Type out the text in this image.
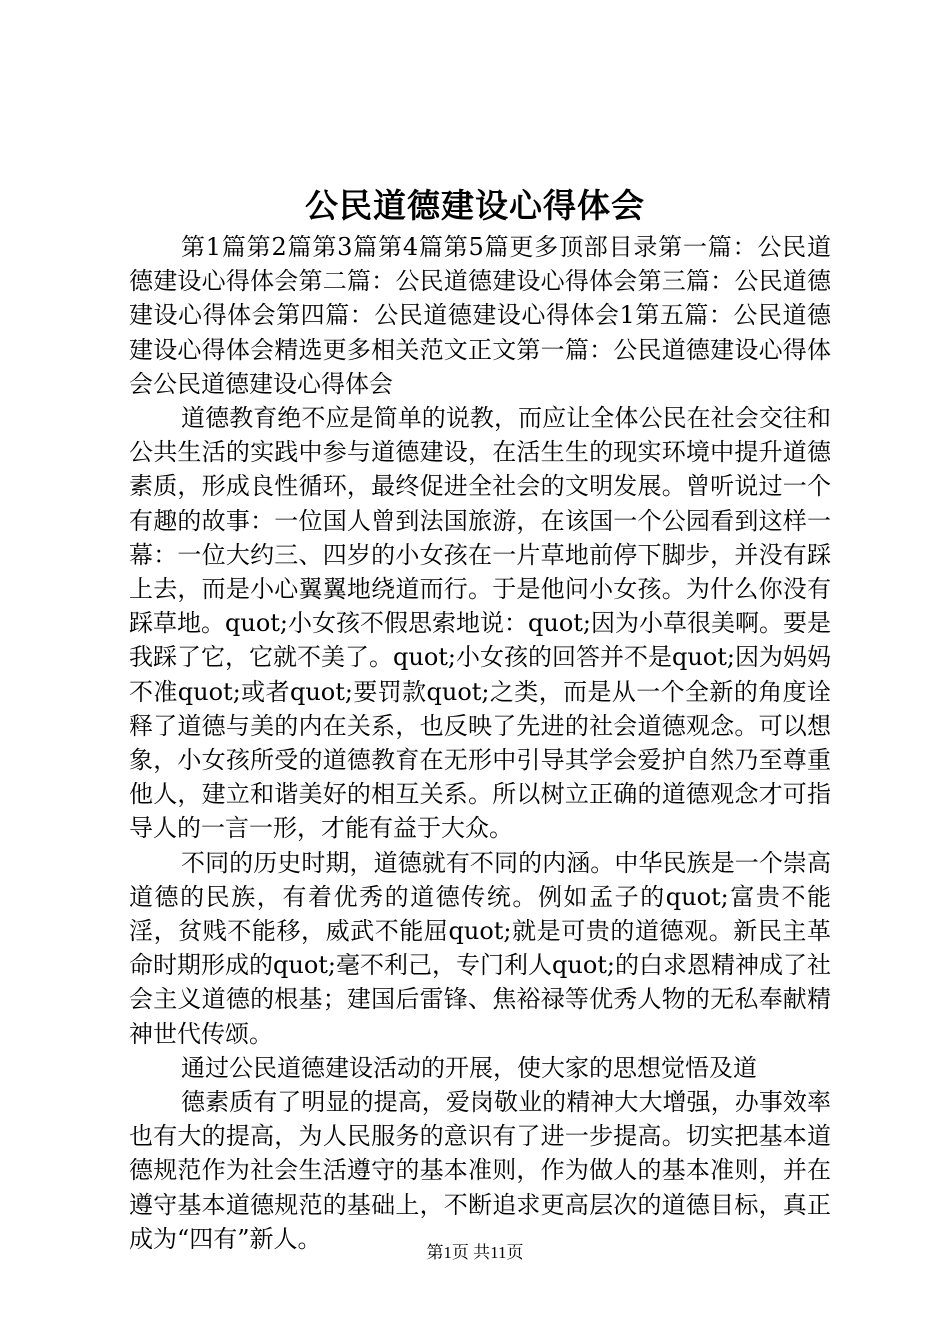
公民道德建设心得体会

第1篇第2篇第3篇第4篇第5篇更多顶部目录第一篇：公民道德建设心得体会第二篇：公民道德建设心得体会第三篇：公民道德建设心得体会第四篇：公民道德建设心得体会1第五篇：公民道德建设心得体会精选更多相关范文正文第一篇：公民道德建设心得体会公民道德建设心得体会

道德教育绝不应是简单的说教，而应让全体公民在社会交往和公共生活的实践中参与道德建设，在活生生的现实环境中提升道德素质，形成良性循环，最终促进全社会的文明发展。曾听说过一个有趣的故事：一位国人曾到法国旅游，在该国一个公园看到这样一幕：一位大约三、四岁的小女孩在一片草地前停下脚步，并没有踩上去，而是小心翼翼地绕道而行。于是他问小女孩。为什么你没有踩草地。quot;小女孩不假思索地说：quot;因为小草很美啊。要是我踩了它，它就不美了。quot;小女孩的回答并不是quot;因为妈妈不准quot;或者quot;要罚款quot;之类，而是从一个全新的角度诠释了道德与美的内在关系，也反映了先进的社会道德观念。可以想象，小女孩所受的道德教育在无形中引导其学会爱护自然乃至尊重他人，建立和谐美好的相互关系。所以树立正确的道德观念才可指导人的一言一形，才能有益于大众。

不同的历史时期，道德就有不同的内涵。中华民族是一个崇高道德的民族，有着优秀的道德传统。例如孟子的quot;富贵不能淫，贫贱不能移，威武不能屈quot;就是可贵的道德观。新民主革命时期形成的quot;毫不利己，专门利人quot;的白求恩精神成了社会主义道德的根基；建国后雷锋、焦裕禄等优秀人物的无私奉献精神世代传颂。

通过公民道德建设活动的开展，使大家的思想觉悟及道

德素质有了明显的提高，爱岗敬业的精神大大增强，办事效率也有大的提高，为人民服务的意识有了进一步提高。切实把基本道德规范作为社会生活遵守的基本准则，作为做人的基本准则，并在遵守基本道德规范的基础上，不断追求更高层次的道德目标，真正成为“四有”新人。	第1页 共11页
